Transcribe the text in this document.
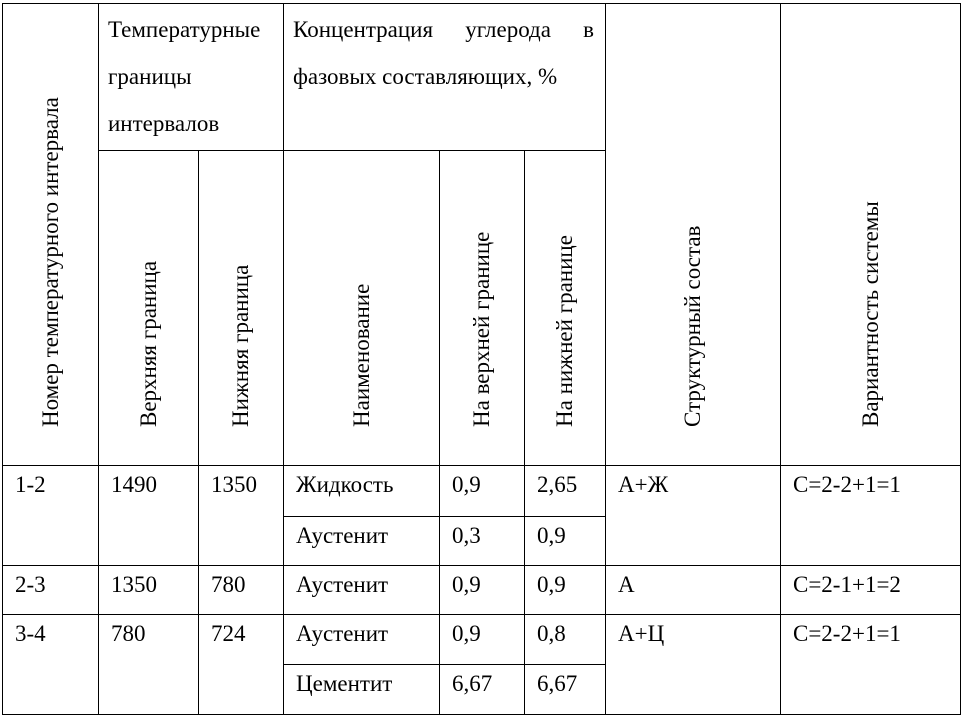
Номер температурного интервала	Температурные границы интервалов		Концентрация углерода в фазовых составляющих, %			Структурный состав	Вариантность системы

	Верхняя граница	Нижняя граница	Наименование	На верхней границе	На нижней границе		

1-2	1490	1350	Жидкость	0,9	2,65	А+Ж	С=2-2+1=1
			Аустенит	0,3	0,9		
2-3	1350	780	Аустенит	0,9	0,9	А	С=2-1+1=2
3-4	780	724	Аустенит	0,9	0,8	А+Ц	С=2-2+1=1
			Цементит	6,67	6,67		
